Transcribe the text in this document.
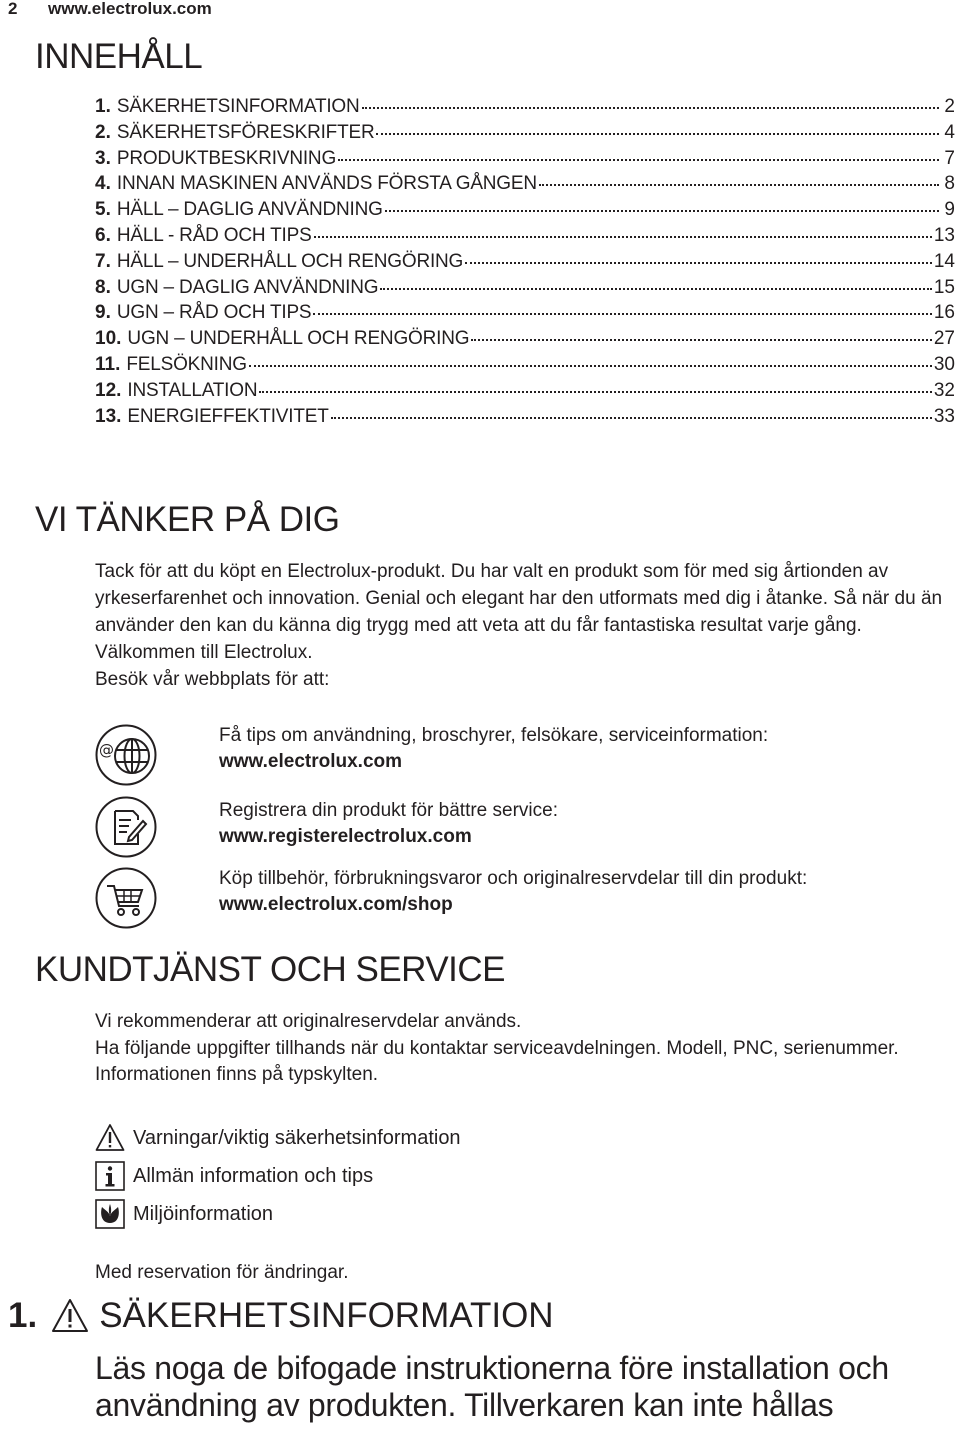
2 www.electrolux.com
INNEHÅLL
1. SÄKERHETSINFORMATION	2
2. SÄKERHETSFÖRESKRIFTER	4
3. PRODUKTBESKRIVNING	7
4. INNAN MASKINEN ANVÄNDS FÖRSTA GÅNGEN	8
5. HÄLL – DAGLIG ANVÄNDNING	9
6. HÄLL - RÅD OCH TIPS	13
7. HÄLL – UNDERHÅLL OCH RENGÖRING	14
8. UGN – DAGLIG ANVÄNDNING	15
9. UGN – RÅD OCH TIPS	16
10. UGN – UNDERHÅLL OCH RENGÖRING	27
11. FELSÖKNING	30
12. INSTALLATION	32
13. ENERGIEFFEKTIVITET	33
VI TÄNKER PÅ DIG

Tack för att du köpt en Electrolux-produkt. Du har valt en produkt som för med sig årtionden av yrkeserfarenhet och innovation. Genial och elegant har den utformats med dig i åtanke. Så när du än använder den kan du känna dig trygg med att veta att du får fantastiska resultat varje gång.

Välkommen till Electrolux.

Besök vår webbplats för att:

@
Få tips om användning, broschyrer, felsökare, serviceinformation:
www.electrolux.com
Registrera din produkt för bättre service:
www.registerelectrolux.com
Köp tillbehör, förbrukningsvaror och originalreservdelar till din produkt:
www.electrolux.com/shop
KUNDTJÄNST OCH SERVICE

Vi rekommenderar att originalreservdelar används.

Ha följande uppgifter tillhands när du kontaktar serviceavdelningen. Modell, PNC, serienummer.

Informationen finns på typskylten.

Varningar/viktig säkerhetsinformation
Allmän information och tips
Miljöinformation
Med reservation för ändringar.
1. SÄKERHETSINFORMATION
Läs noga de bifogade instruktionerna före installation och användning av produkten. Tillverkaren kan inte hållas
